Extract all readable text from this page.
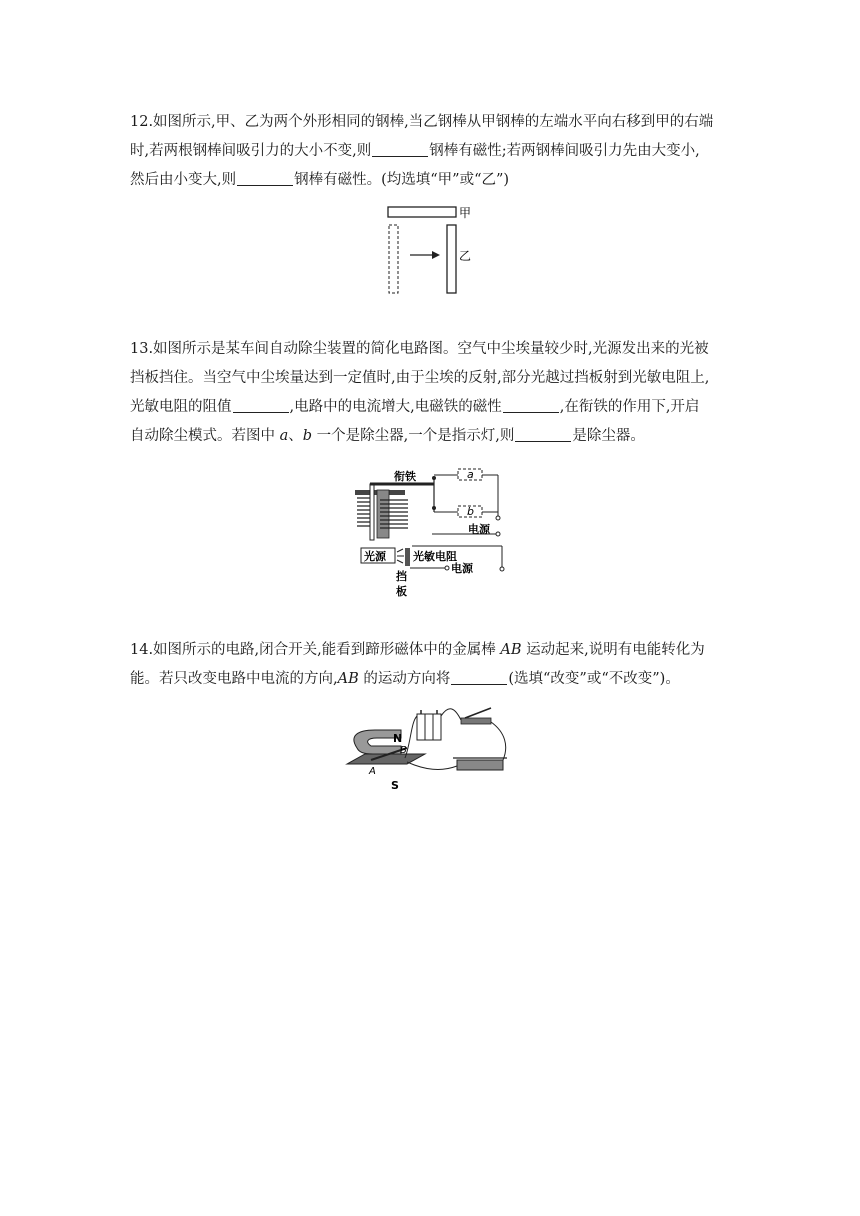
12.如图所示,甲、乙为两个外形相同的钢棒,当乙钢棒从甲钢棒的左端水平向右移到甲的右端

时,若两根钢棒间吸引力的大小不变,则	钢棒有磁性;若两钢棒间吸引力先由大变小,

然后由小变大,则	钢棒有磁性。(均选填“甲”或“乙”)

甲
乙

13.如图所示是某车间自动除尘装置的简化电路图。空气中尘埃量较少时,光源发出来的光被

挡板挡住。当空气中尘埃量达到一定值时,由于尘埃的反射,部分光越过挡板射到光敏电阻上,

光敏电阻的阻值	,电路中的电流增大,电磁铁的磁性	,在衔铁的作用下,开启

自动除尘模式。若图中 a、b 一个是除尘器,一个是指示灯,则	是除尘器。

衔铁	a
b
电源
光源 光敏电阻
电源
挡
板

14.如图所示的电路,闭合开关,能看到蹄形磁体中的金属棒 AB 运动起来,说明有电能转化为

能。若只改变电路中电流的方向,AB 的运动方向将	(选填“改变”或“不改变”)。

N
S
A
B
